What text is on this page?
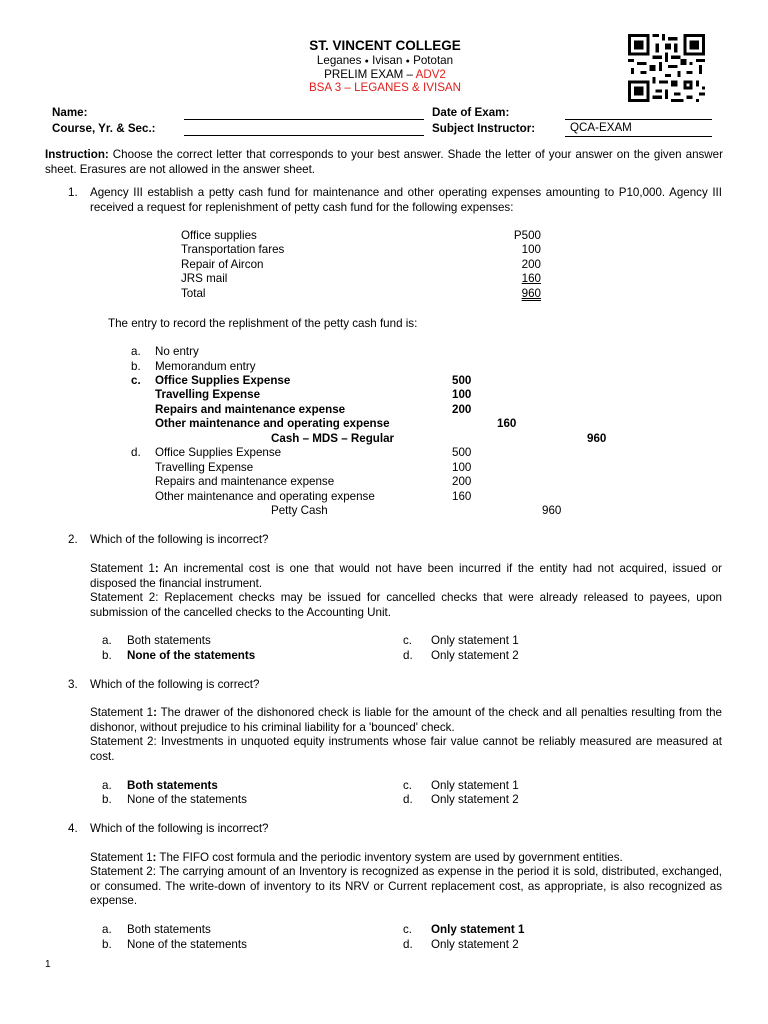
ST. VINCENT COLLEGE
Leganes ● Ivisan ● Pototan
PRELIM EXAM – ADV2
BSA 3 – LEGANES & IVISAN
Name:
Course, Yr. & Sec.:
Date of Exam:
Subject Instructor:	QCA-EXAM
Instruction: Choose the correct letter that corresponds to your best answer. Shade the letter of your answer on the given answer sheet. Erasures are not allowed in the answer sheet.
1. Agency III establish a petty cash fund for maintenance and other operating expenses amounting to P10,000. Agency III received a request for replenishment of petty cash fund for the following expenses:
Office supplies	P500
Transportation fares	100
Repair of Aircon	200
JRS mail	160
Total	960
The entry to record the replishment of the petty cash fund is:
a. No entry
b. Memorandum entry
c. Office Supplies Expense	500
Travelling Expense	100
Repairs and maintenance expense	200
Other maintenance and operating expense	160
Cash – MDS – Regular	960
d. Office Supplies Expense	500
Travelling Expense	100
Repairs and maintenance expense	200
Other maintenance and operating expense	160
Petty Cash	960
2. Which of the following is incorrect?
Statement 1: An incremental cost is one that would not have been incurred if the entity had not acquired, issued or disposed the financial instrument.
Statement 2: Replacement checks may be issued for cancelled checks that were already released to payees, upon submission of the cancelled checks to the Accounting Unit.
a. Both statements
b. None of the statements
c. Only statement 1
d. Only statement 2
3. Which of the following is correct?
Statement 1: The drawer of the dishonored check is liable for the amount of the check and all penalties resulting from the dishonor, without prejudice to his criminal liability for a 'bounced' check.
Statement 2: Investments in unquoted equity instruments whose fair value cannot be reliably measured are measured at cost.
a. Both statements
b. None of the statements
c. Only statement 1
d. Only statement 2
4. Which of the following is incorrect?
Statement 1: The FIFO cost formula and the periodic inventory system are used by government entities.
Statement 2: The carrying amount of an Inventory is recognized as expense in the period it is sold, distributed, exchanged, or consumed. The write-down of inventory to its NRV or Current replacement cost, as appropriate, is also recognized as expense.
a. Both statements
b. None of the statements
c. Only statement 1
d. Only statement 2
1
